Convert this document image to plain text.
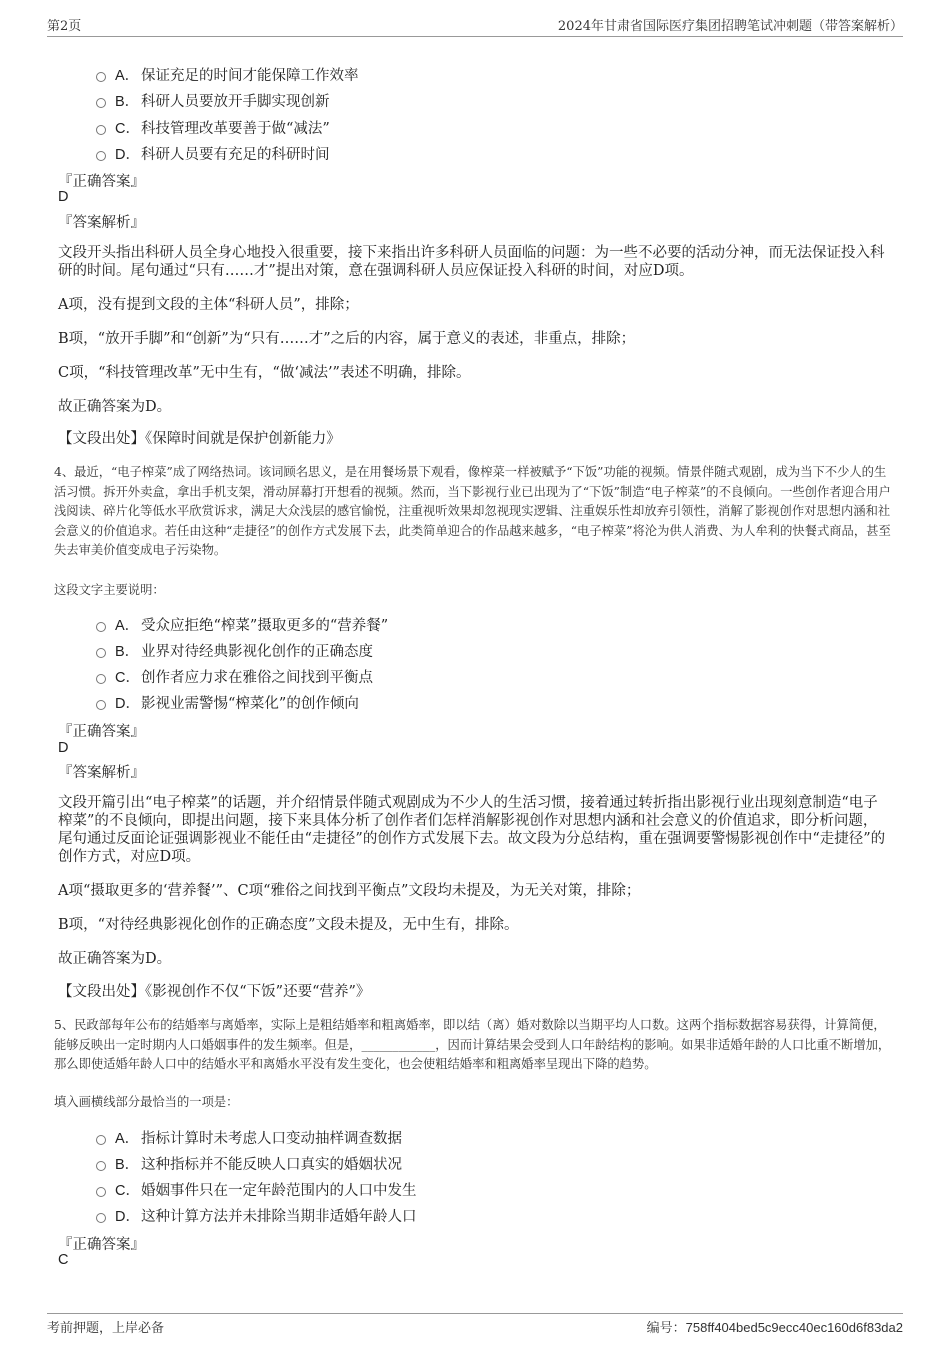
第2页	2024年甘肃省国际医疗集团招聘笔试冲刺题（带答案解析）
A． 保证充足的时间才能保障工作效率
B． 科研人员要放开手脚实现创新
C． 科技管理改革要善于做“减法”
D． 科研人员要有充足的科研时间
『正确答案』
D
『答案解析』
文段开头指出科研人员全身心地投入很重要，接下来指出许多科研人员面临的问题：为一些不必要的活动分神，而无法保证投入科研的时间。尾句通过“只有……才”提出对策，意在强调科研人员应保证投入科研的时间，对应D项。
A项，没有提到文段的主体“科研人员”，排除；
B项，“放开手脚”和“创新”为“只有……才”之后的内容，属于意义的表述，非重点，排除；
C项，“科技管理改革”无中生有，“做‘减法’”表述不明确，排除。
故正确答案为D。
【文段出处】《保障时间就是保护创新能力》
4、最近，“电子榨菜”成了网络热词。该词顾名思义，是在用餐场景下观看，像榨菜一样被赋予“下饭”功能的视频。情景伴随式观剧，成为当下不少人的生活习惯。拆开外卖盒，拿出手机支架，滑动屏幕打开想看的视频。然而，当下影视行业已出现为了“下饭”制造“电子榨菜”的不良倾向。一些创作者迎合用户浅阅读、碎片化等低水平欣赏诉求，满足大众浅层的感官愉悦，注重视听效果却忽视现实逻辑、注重娱乐性却放弃引领性，消解了影视创作对思想内涵和社会意义的价值追求。若任由这种“走捷径”的创作方式发展下去，此类简单迎合的作品越来越多，“电子榨菜”将沦为供人消费、为人牟利的快餐式商品，甚至失去审美价值变成电子污染物。
这段文字主要说明：
A． 受众应拒绝“榨菜”摄取更多的“营养餐”
B． 业界对待经典影视化创作的正确态度
C． 创作者应力求在雅俗之间找到平衡点
D． 影视业需警惕“榨菜化”的创作倾向
『正确答案』
D
『答案解析』
文段开篇引出“电子榨菜”的话题，并介绍情景伴随式观剧成为不少人的生活习惯，接着通过转折指出影视行业出现刻意制造“电子榨菜”的不良倾向，即提出问题，接下来具体分析了创作者们怎样消解影视创作对思想内涵和社会意义的价值追求，即分析问题，尾句通过反面论证强调影视业不能任由“走捷径”的创作方式发展下去。故文段为分总结构，重在强调要警惕影视创作中“走捷径”的创作方式，对应D项。
A项“摄取更多的‘营养餐’”、C项“雅俗之间找到平衡点”文段均未提及，为无关对策，排除；
B项，“对待经典影视化创作的正确态度”文段未提及，无中生有，排除。
故正确答案为D。
【文段出处】《影视创作不仅“下饭”还要“营养”》
5、民政部每年公布的结婚率与离婚率，实际上是粗结婚率和粗离婚率，即以结（离）婚对数除以当期平均人口数。这两个指标数据容易获得，计算简便，能够反映出一定时期内人口婚姻事件的发生频率。但是，____________，因而计算结果会受到人口年龄结构的影响。如果非适婚年龄的人口比重不断增加，那么即使适婚年龄人口中的结婚水平和离婚水平没有发生变化，也会使粗结婚率和粗离婚率呈现出下降的趋势。
填入画横线部分最恰当的一项是：
A． 指标计算时未考虑人口变动抽样调查数据
B． 这种指标并不能反映人口真实的婚姻状况
C． 婚姻事件只在一定年龄范围内的人口中发生
D． 这种计算方法并未排除当期非适婚年龄人口
『正确答案』
C
考前押题，上岸必备	编号：758ff404bed5c9ecc40ec160d6f83da2
